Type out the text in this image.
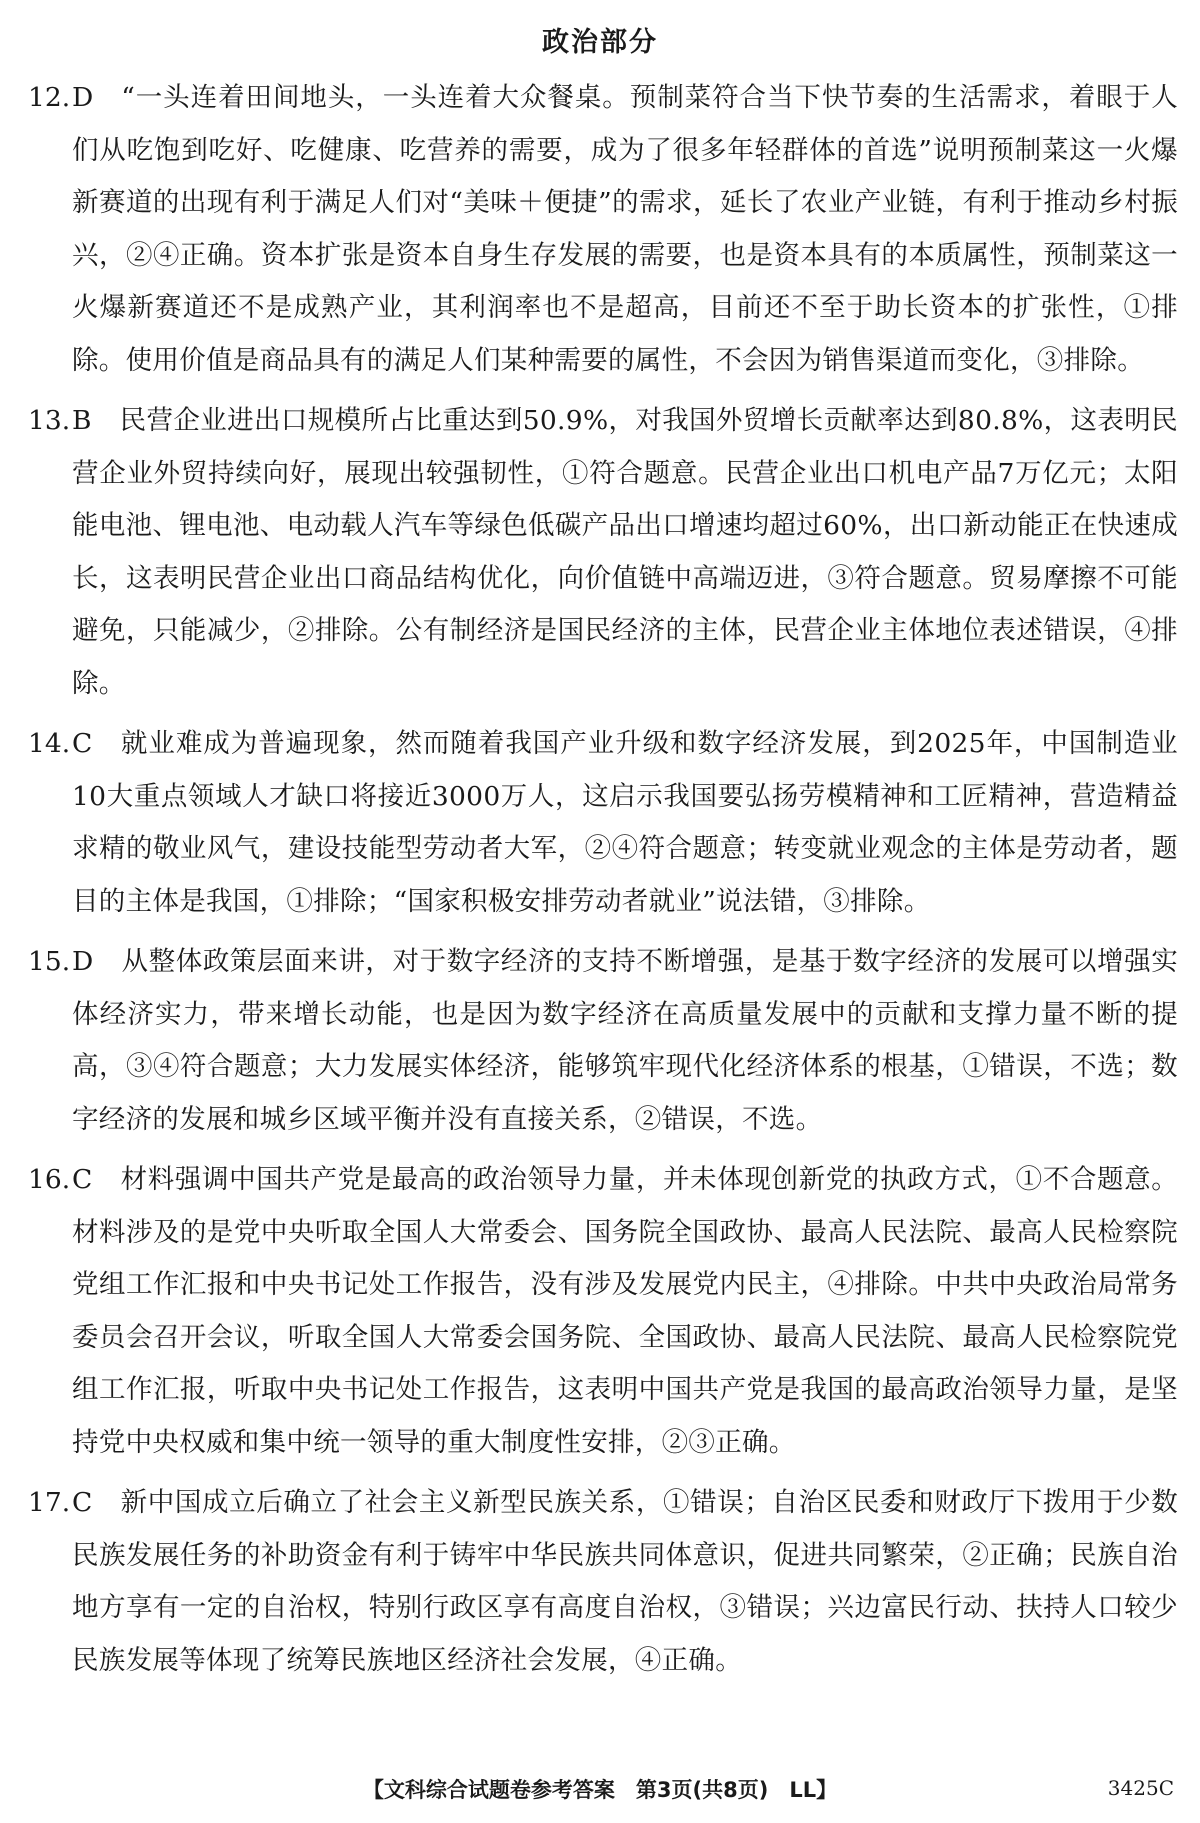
政治部分
12. D “一头连着田间地头，一头连着大众餐桌。预制菜符合当下快节奏的生活需求，着眼于人们从吃饱到吃好、吃健康、吃营养的需要，成为了很多年轻群体的首选”说明预制菜这一火爆新赛道的出现有利于满足人们对“美味＋便捷”的需求，延长了农业产业链，有利于推动乡村振兴，②④正确。资本扩张是资本自身生存发展的需要，也是资本具有的本质属性，预制菜这一火爆新赛道还不是成熟产业，其利润率也不是超高，目前还不至于助长资本的扩张性，①排除。使用价值是商品具有的满足人们某种需要的属性，不会因为销售渠道而变化，③排除。
13. B 民营企业进出口规模所占比重达到50.9%，对我国外贸增长贡献率达到80.8%，这表明民营企业外贸持续向好，展现出较强韧性，①符合题意。民营企业出口机电产品7万亿元；太阳能电池、锂电池、电动载人汽车等绿色低碳产品出口增速均超过60%，出口新动能正在快速成长，这表明民营企业出口商品结构优化，向价值链中高端迈进，③符合题意。贸易摩擦不可能避免，只能减少，②排除。公有制经济是国民经济的主体，民营企业主体地位表述错误，④排除。
14. C 就业难成为普遍现象，然而随着我国产业升级和数字经济发展，到2025年，中国制造业10大重点领域人才缺口将接近3000万人，这启示我国要弘扬劳模精神和工匠精神，营造精益求精的敬业风气，建设技能型劳动者大军，②④符合题意；转变就业观念的主体是劳动者，题目的主体是我国，①排除；“国家积极安排劳动者就业”说法错，③排除。
15. D 从整体政策层面来讲，对于数字经济的支持不断增强，是基于数字经济的发展可以增强实体经济实力，带来增长动能，也是因为数字经济在高质量发展中的贡献和支撑力量不断的提高，③④符合题意；大力发展实体经济，能够筑牢现代化经济体系的根基，①错误，不选；数字经济的发展和城乡区域平衡并没有直接关系，②错误，不选。
16. C 材料强调中国共产党是最高的政治领导力量，并未体现创新党的执政方式，①不合题意。材料涉及的是党中央听取全国人大常委会、国务院全国政协、最高人民法院、最高人民检察院党组工作汇报和中央书记处工作报告，没有涉及发展党内民主，④排除。中共中央政治局常务委员会召开会议，听取全国人大常委会国务院、全国政协、最高人民法院、最高人民检察院党组工作汇报，听取中央书记处工作报告，这表明中国共产党是我国的最高政治领导力量，是坚持党中央权威和集中统一领导的重大制度性安排，②③正确。
17. C 新中国成立后确立了社会主义新型民族关系，①错误；自治区民委和财政厅下拨用于少数民族发展任务的补助资金有利于铸牢中华民族共同体意识，促进共同繁荣，②正确；民族自治地方享有一定的自治权，特别行政区享有高度自治权，③错误；兴边富民行动、扶持人口较少民族发展等体现了统筹民族地区经济社会发展，④正确。
【文科综合试题卷参考答案　第3页(共8页)　LL】	3425C
